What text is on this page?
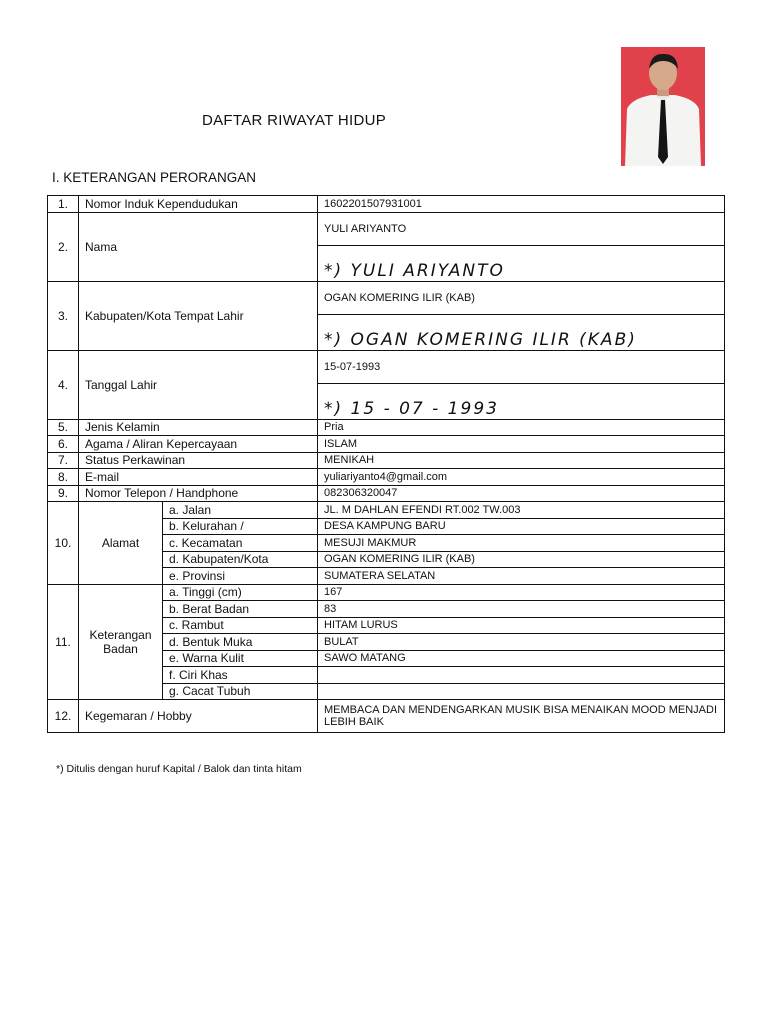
DAFTAR RIWAYAT HIDUP
I. KETERANGAN PERORANGAN
1.	Nomor Induk Kependudukan		1602201507931001
2.	Nama		YULI ARIYANTO
			*) YULI ARIYANTO
3.	Kabupaten/Kota Tempat Lahir		OGAN KOMERING ILIR (KAB)
			*) OGAN KOMERING ILIR (KAB)
4.	Tanggal Lahir		15-07-1993
			*) 15 - 07 - 1993
5.	Jenis Kelamin		Pria
6.	Agama / Aliran Kepercayaan		ISLAM
7.	Status Perkawinan		MENIKAH
8.	E-mail		yuliariyanto4@gmail.com
9.	Nomor Telepon / Handphone		082306320047
10.	Alamat	a. Jalan	JL. M DAHLAN EFENDI RT.002 TW.003
		b. Kelurahan /	DESA KAMPUNG BARU
		c. Kecamatan	MESUJI MAKMUR
		d. Kabupaten/Kota	OGAN KOMERING ILIR (KAB)
		e. Provinsi	SUMATERA SELATAN
11.	Keterangan Badan	a. Tinggi (cm)	167
		b. Berat Badan	83
		c. Rambut	HITAM LURUS
		d. Bentuk Muka	BULAT
		e. Warna Kulit	SAWO MATANG
		f. Ciri Khas	
		g. Cacat Tubuh	
12.	Kegemaran / Hobby		MEMBACA DAN MENDENGARKAN MUSIK BISA MENAIKAN MOOD MENJADI LEBIH BAIK
*) Ditulis dengan huruf Kapital / Balok dan tinta hitam
